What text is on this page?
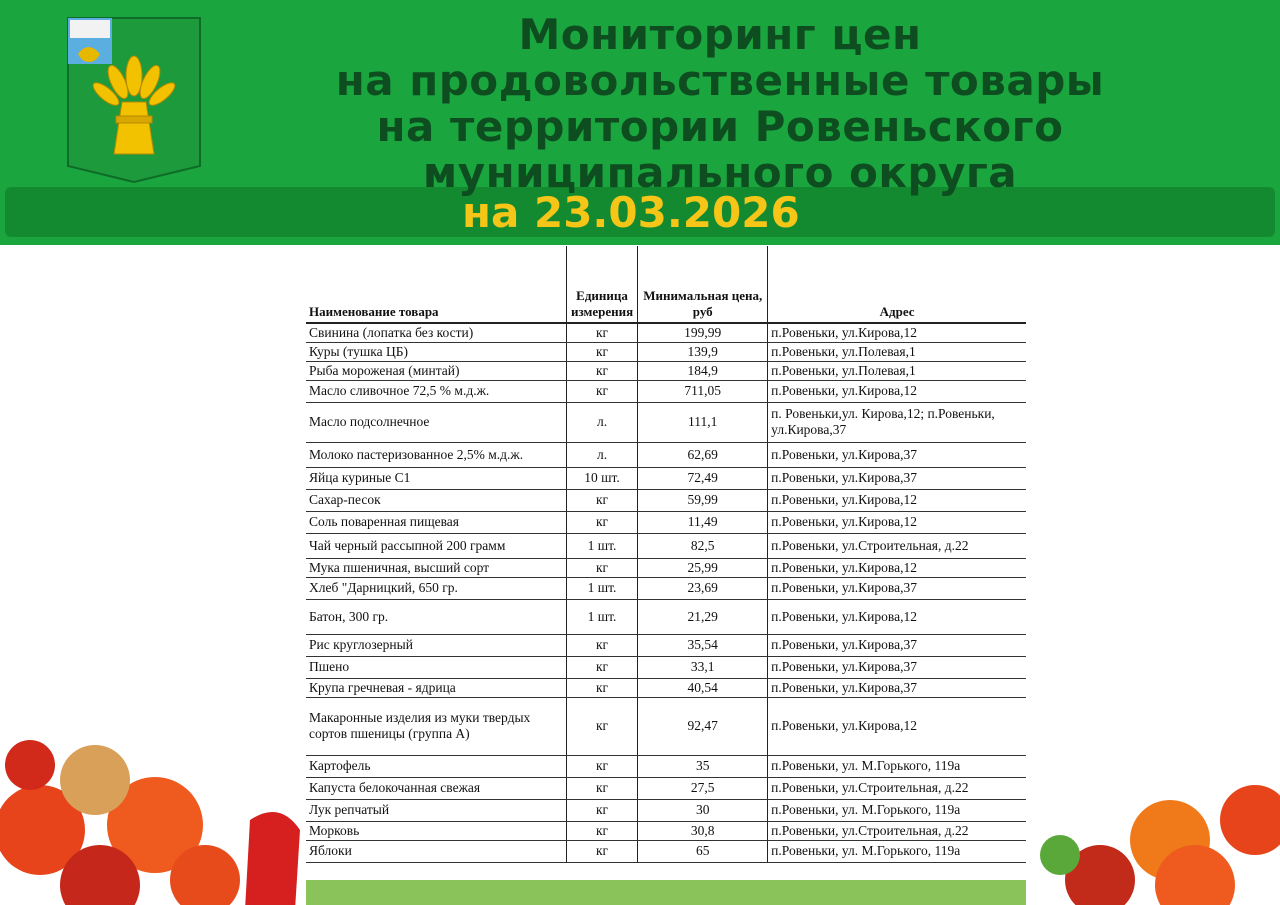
Мониторинг цен
на продовольственные товары
на территории Ровеньского
муниципального округа
на 23.03.2026
Наименование товара	Единица измерения	Минимальная цена, руб	Адрес
Свинина (лопатка без кости)	кг	199,99	п.Ровеньки, ул.Кирова,12
Куры (тушка ЦБ)	кг	139,9	п.Ровеньки, ул.Полевая,1
Рыба мороженая (минтай)	кг	184,9	п.Ровеньки, ул.Полевая,1
Масло сливочное 72,5 % м.д.ж.	кг	711,05	п.Ровеньки, ул.Кирова,12
Масло подсолнечное	л.	111,1	п. Ровеньки,ул. Кирова,12; п.Ровеньки, ул.Кирова,37
Молоко пастеризованное 2,5% м.д.ж.	л.	62,69	п.Ровеньки, ул.Кирова,37
Яйца куриные С1	10 шт.	72,49	п.Ровеньки, ул.Кирова,37
Сахар-песок	кг	59,99	п.Ровеньки, ул.Кирова,12
Соль поваренная пищевая	кг	11,49	п.Ровеньки, ул.Кирова,12
Чай черный рассыпной 200 грамм	1 шт.	82,5	п.Ровеньки, ул.Строительная, д.22
Мука пшеничная, высший сорт	кг	25,99	п.Ровеньки, ул.Кирова,12
Хлеб "Дарницкий, 650 гр.	1 шт.	23,69	п.Ровеньки, ул.Кирова,37
Батон, 300 гр.	1 шт.	21,29	п.Ровеньки, ул.Кирова,12
Рис круглозерный	кг	35,54	п.Ровеньки, ул.Кирова,37
Пшено	кг	33,1	п.Ровеньки, ул.Кирова,37
Крупа гречневая - ядрица	кг	40,54	п.Ровеньки, ул.Кирова,37
Макаронные изделия из муки твердых сортов пшеницы (группа А)	кг	92,47	п.Ровеньки, ул.Кирова,12
Картофель	кг	35	п.Ровеньки, ул. М.Горького, 119а
Капуста белокочанная свежая	кг	27,5	п.Ровеньки, ул.Строительная, д.22
Лук репчатый	кг	30	п.Ровеньки, ул. М.Горького, 119а
Морковь	кг	30,8	п.Ровеньки, ул.Строительная, д.22
Яблоки	кг	65	п.Ровеньки, ул. М.Горького, 119а
